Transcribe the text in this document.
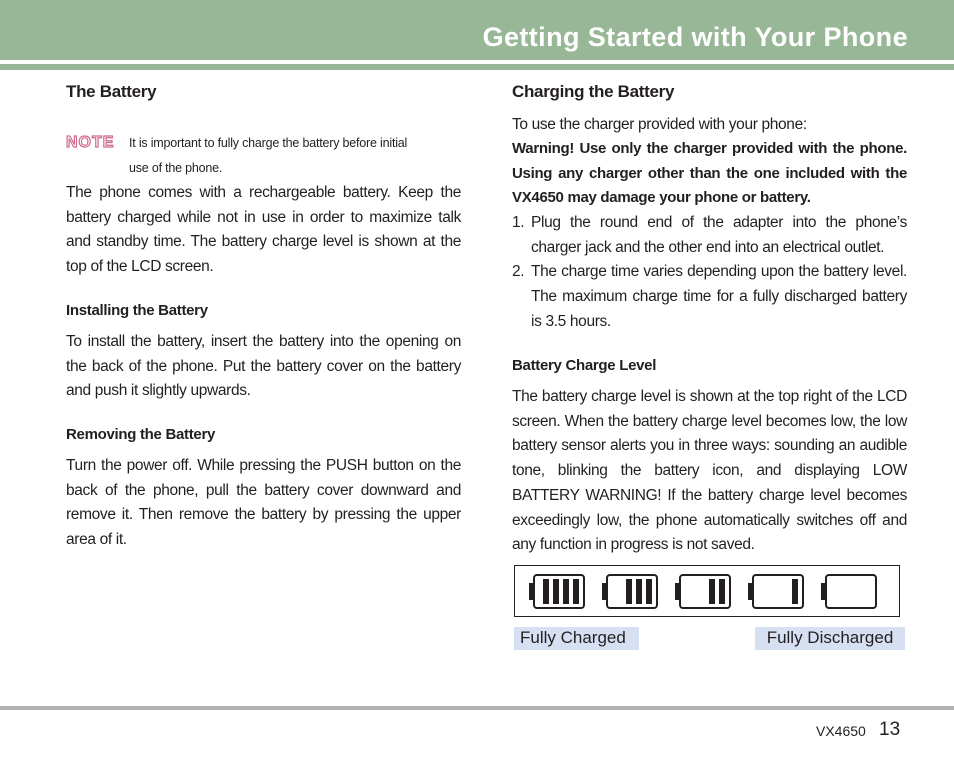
Getting Started with Your Phone
The Battery
NOTE It is important to fully charge the battery before initial
use of the phone.
The phone comes with a rechargeable battery. Keep the battery charged while not in use in order to maximize talk and standby time. The battery charge level is shown at the top of the LCD screen.
Installing the Battery
To install the battery, insert the battery into the opening on the back of the phone. Put the battery cover on the battery and push it slightly upwards.
Removing the Battery
Turn the power off. While pressing the PUSH button on the back of the phone, pull the battery cover downward and remove it. Then remove the battery by pressing the upper area of it.
Charging the Battery
To use the charger provided with your phone:
Warning! Use only the charger provided with the phone. Using any charger other than the one included with the VX4650 may damage your phone or battery.
1. Plug the round end of the adapter into the phone’s charger jack and the other end into an electrical outlet.
2. The charge time varies depending upon the battery level. The maximum charge time for a fully discharged battery is 3.5 hours.
Battery Charge Level
The battery charge level is shown at the top right of the LCD screen. When the battery charge level becomes low, the low battery sensor alerts you in three ways: sounding an audible tone, blinking the battery icon, and displaying LOW BATTERY WARNING! If the battery charge level becomes exceedingly low, the phone automatically switches off and any function in progress is not saved.
Fully Charged	Fully Discharged
VX4650 13
